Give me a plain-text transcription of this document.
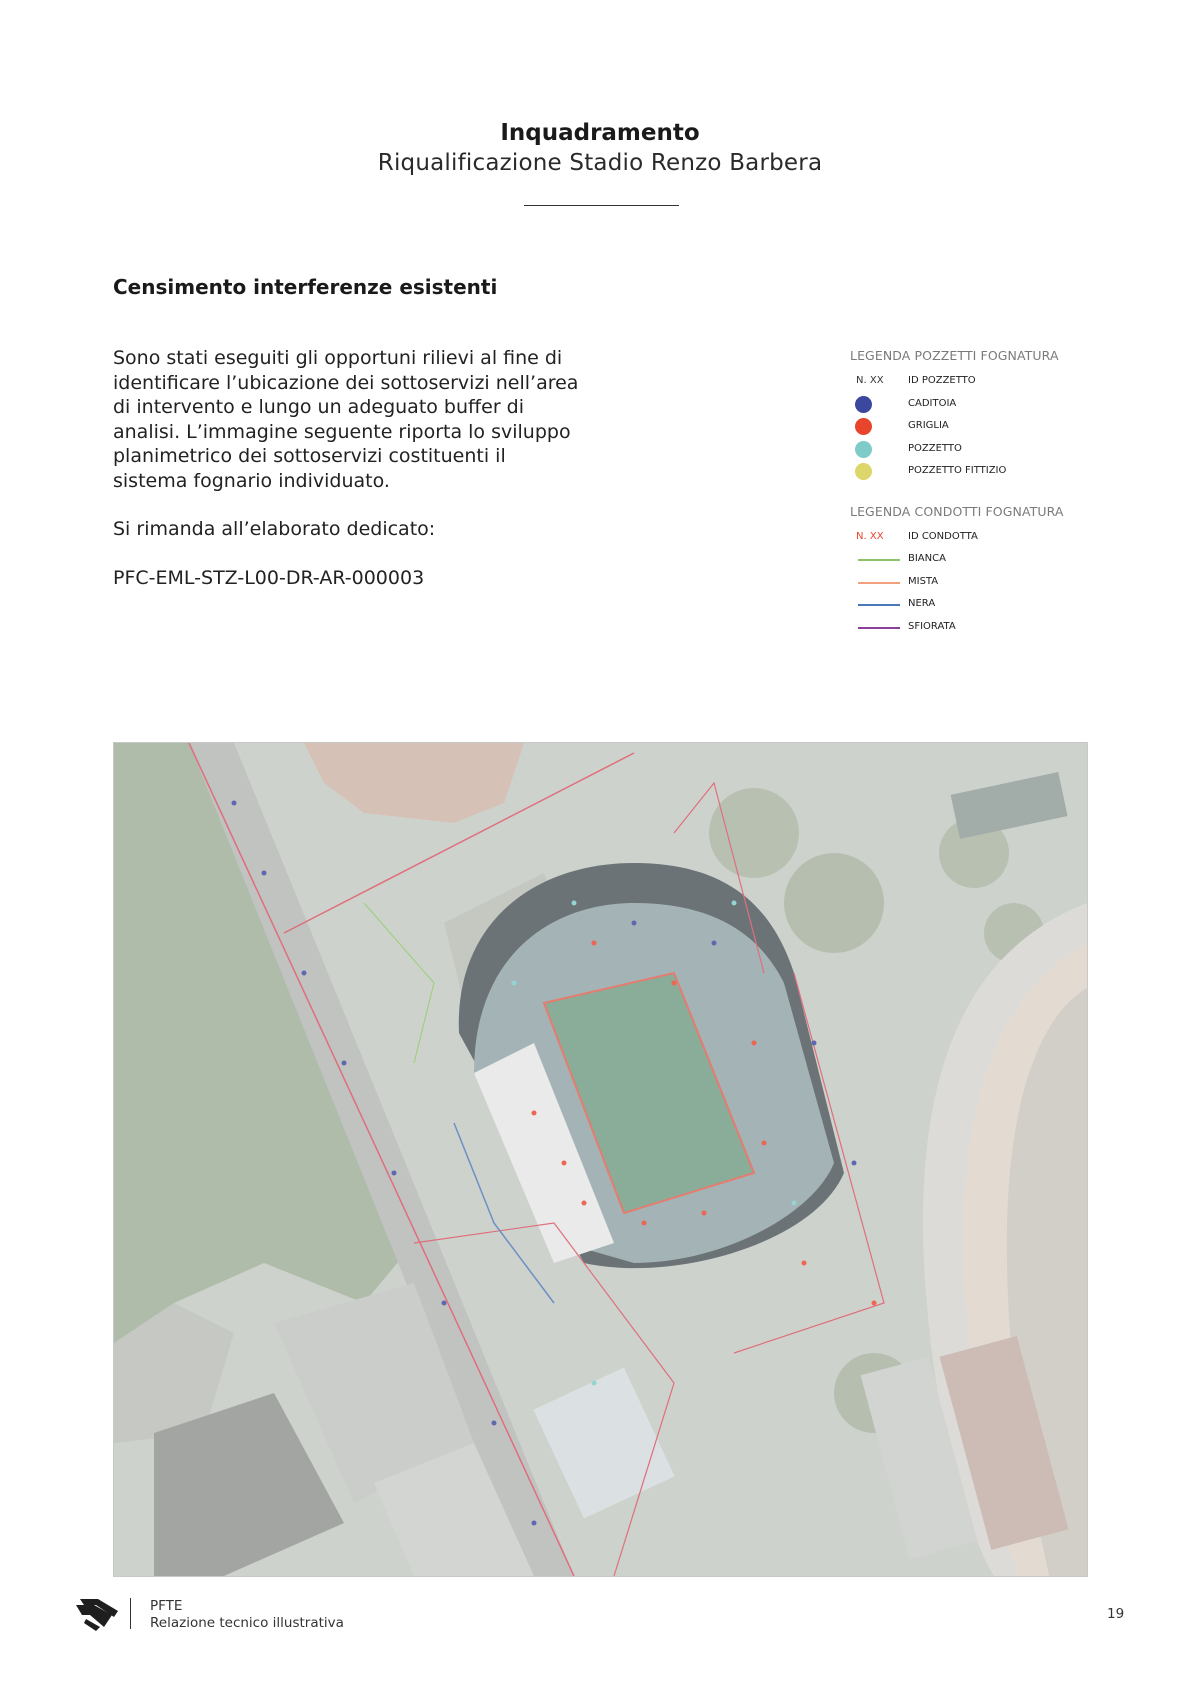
Inquadramento
Riqualificazione Stadio Renzo Barbera
Censimento interferenze esistenti

Sono stati eseguiti gli opportuni rilievi al fine di identificare l’ubicazione dei sottoservizi nell’area di intervento e lungo un adeguato buffer di analisi. L’immagine seguente riporta lo sviluppo planimetrico dei sottoservizi costituenti il sistema fognario individuato.

Si rimanda all’elaborato dedicato:

PFC-EML-STZ-L00-DR-AR-000003

LEGENDA POZZETTI FOGNATURA
N. XX	ID POZZETTO
CADITOIA
GRIGLIA
POZZETTO
POZZETTO FITTIZIO
LEGENDA CONDOTTI FOGNATURA
N. XX	ID CONDOTTA
BIANCA
MISTA
NERA
SFIORATA
PFTE
Relazione tecnico illustrativa
19
